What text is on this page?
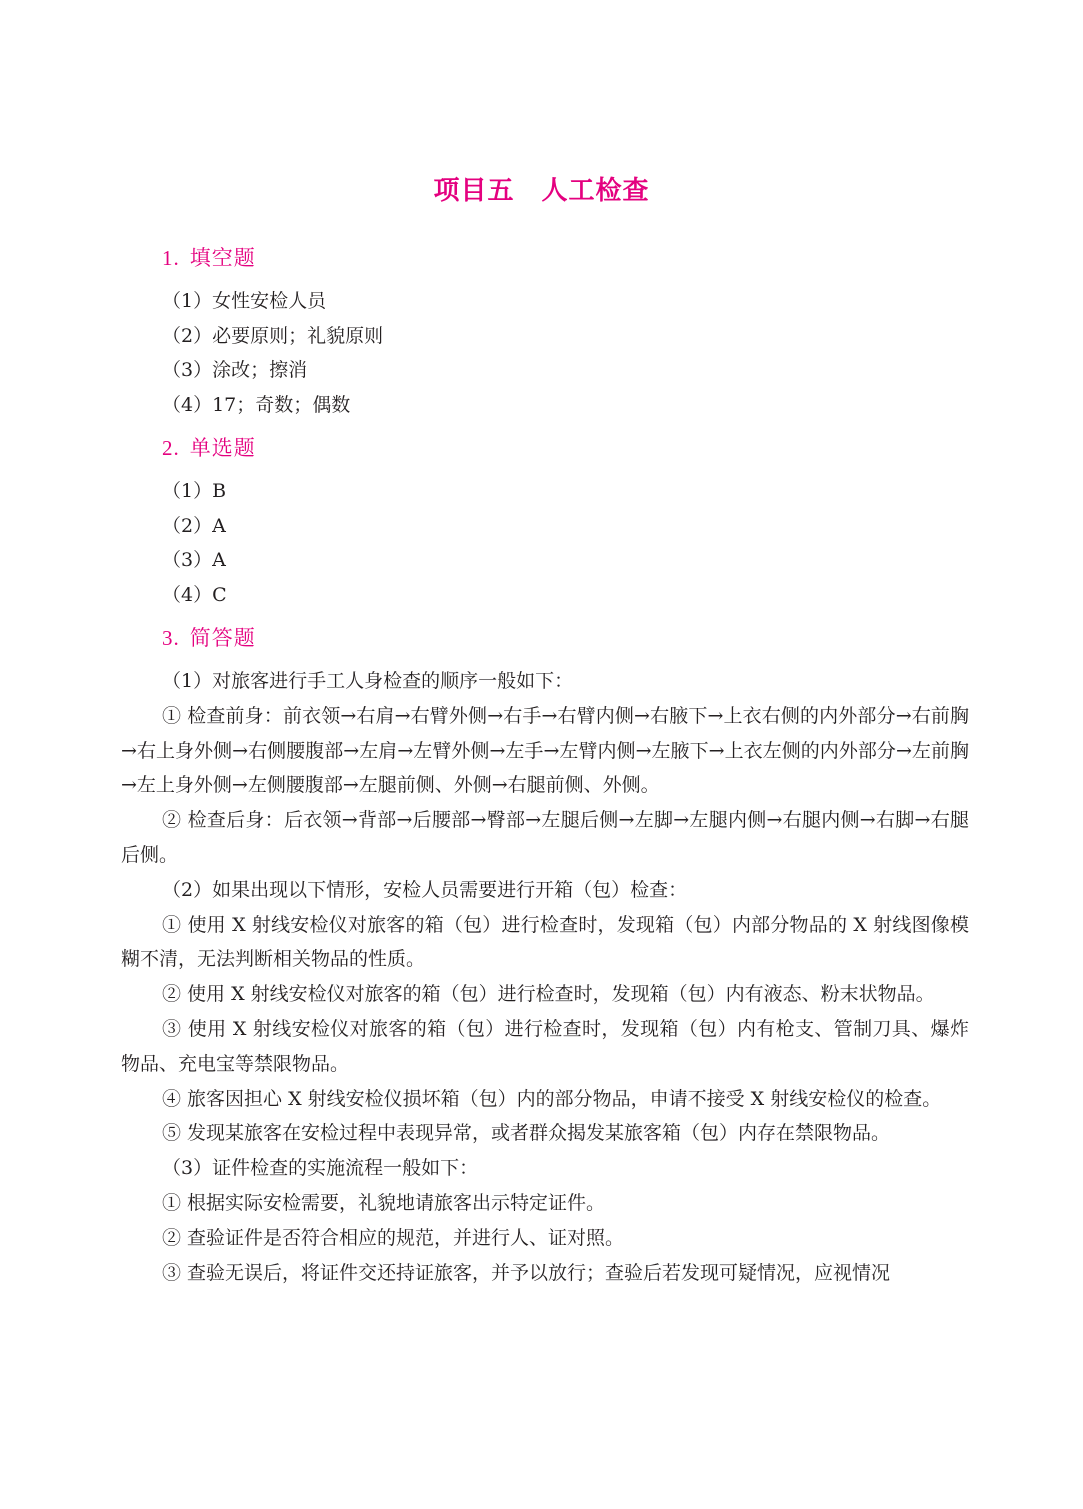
项目五　人工检查
1. 填空题
（1）女性安检人员
（2）必要原则；礼貌原则
（3）涂改；擦消
（4）17；奇数；偶数
2. 单选题
（1）B
（2）A
（3）A
（4）C
3. 简答题
（1）对旅客进行手工人身检查的顺序一般如下：
① 检查前身：前衣领→右肩→右臂外侧→右手→右臂内侧→右腋下→上衣右侧的内外部分→右前胸→右上身外侧→右侧腰腹部→左肩→左臂外侧→左手→左臂内侧→左腋下→上衣左侧的内外部分→左前胸→左上身外侧→左侧腰腹部→左腿前侧、外侧→右腿前侧、外侧。
② 检查后身：后衣领→背部→后腰部→臀部→左腿后侧→左脚→左腿内侧→右腿内侧→右脚→右腿后侧。
（2）如果出现以下情形，安检人员需要进行开箱（包）检查：
① 使用 X 射线安检仪对旅客的箱（包）进行检查时，发现箱（包）内部分物品的 X 射线图像模糊不清，无法判断相关物品的性质。
② 使用 X 射线安检仪对旅客的箱（包）进行检查时，发现箱（包）内有液态、粉末状物品。
③ 使用 X 射线安检仪对旅客的箱（包）进行检查时，发现箱（包）内有枪支、管制刀具、爆炸物品、充电宝等禁限物品。
④ 旅客因担心 X 射线安检仪损坏箱（包）内的部分物品，申请不接受 X 射线安检仪的检查。
⑤ 发现某旅客在安检过程中表现异常，或者群众揭发某旅客箱（包）内存在禁限物品。
（3）证件检查的实施流程一般如下：
① 根据实际安检需要，礼貌地请旅客出示特定证件。
② 查验证件是否符合相应的规范，并进行人、证对照。
③ 查验无误后，将证件交还持证旅客，并予以放行；查验后若发现可疑情况，应视情况
